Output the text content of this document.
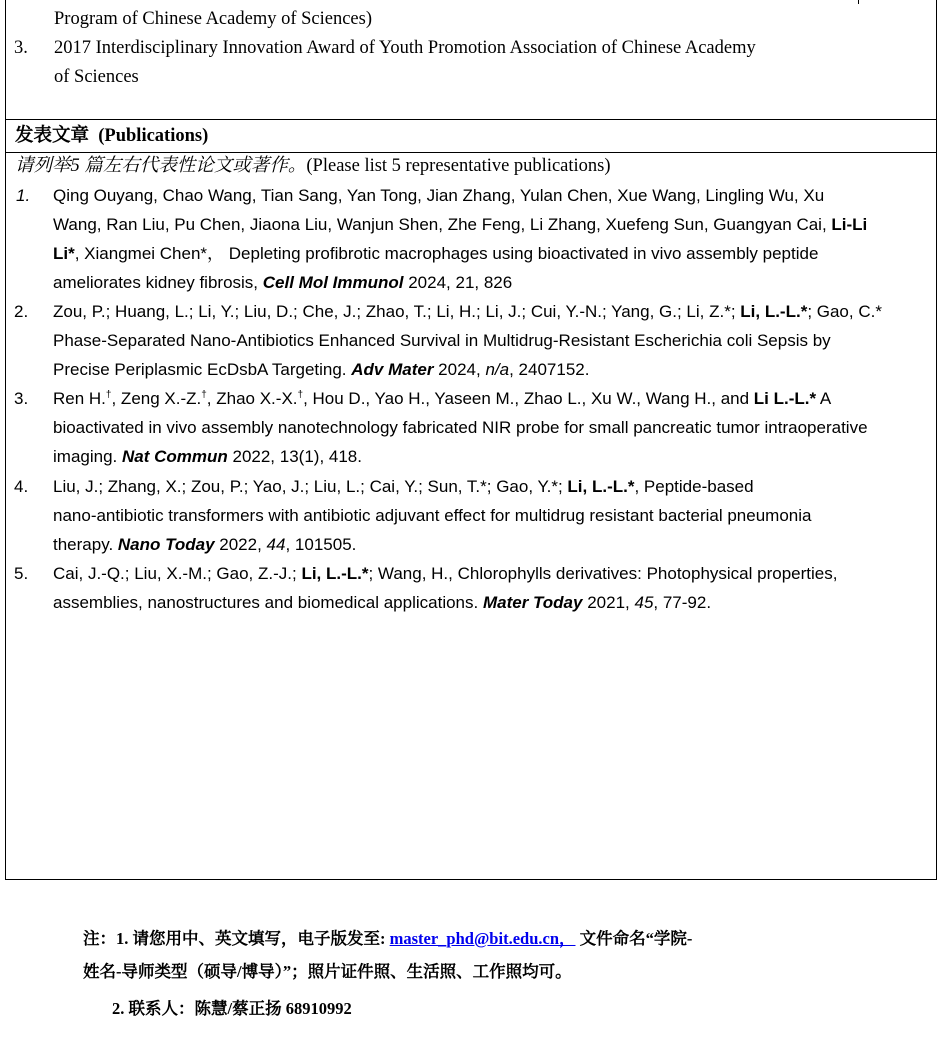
Program of Chinese Academy of Sciences)
3. 2017 Interdisciplinary Innovation Award of Youth Promotion Association of Chinese Academy
of Sciences
发表文章 (Publications)
请列举5 篇左右代表性论文或著作。(Please list 5 representative publications)
1. Qing Ouyang, Chao Wang, Tian Sang, Yan Tong, Jian Zhang, Yulan Chen, Xue Wang, Lingling Wu, Xu
Wang, Ran Liu, Pu Chen, Jiaona Liu, Wanjun Shen, Zhe Feng, Li Zhang, Xuefeng Sun, Guangyan Cai, Li-Li
Li*, Xiangmei Chen*， Depleting profibrotic macrophages using bioactivated in vivo assembly peptide
ameliorates kidney fibrosis, Cell Mol Immunol 2024, 21, 826
2. Zou, P.; Huang, L.; Li, Y.; Liu, D.; Che, J.; Zhao, T.; Li, H.; Li, J.; Cui, Y.-N.; Yang, G.; Li, Z.*; Li, L.-L.*; Gao, C.*
Phase-Separated Nano-Antibiotics Enhanced Survival in Multidrug-Resistant Escherichia coli Sepsis by
Precise Periplasmic EcDsbA Targeting. Adv Mater 2024, n/a, 2407152.
3. Ren H.†, Zeng X.-Z.†, Zhao X.-X.†, Hou D., Yao H., Yaseen M., Zhao L., Xu W., Wang H., and Li L.-L.* A
bioactivated in vivo assembly nanotechnology fabricated NIR probe for small pancreatic tumor intraoperative
imaging. Nat Commun 2022, 13(1), 418.
4. Liu, J.; Zhang, X.; Zou, P.; Yao, J.; Liu, L.; Cai, Y.; Sun, T.*; Gao, Y.*; Li, L.-L.*, Peptide-based
nano-antibiotic transformers with antibiotic adjuvant effect for multidrug resistant bacterial pneumonia
therapy. Nano Today 2022, 44, 101505.
5. Cai, J.-Q.; Liu, X.-M.; Gao, Z.-J.; Li, L.-L.*; Wang, H., Chlorophylls derivatives: Photophysical properties,
assemblies, nanostructures and biomedical applications. Mater Today 2021, 45, 77-92.
注：1. 请您用中、英文填写，电子版发至: master_phd@bit.edu.cn， 文件命名“学院-
姓名-导师类型（硕导/博导）”；照片证件照、生活照、工作照均可。
2. 联系人：陈慧/蔡正扬 68910992
